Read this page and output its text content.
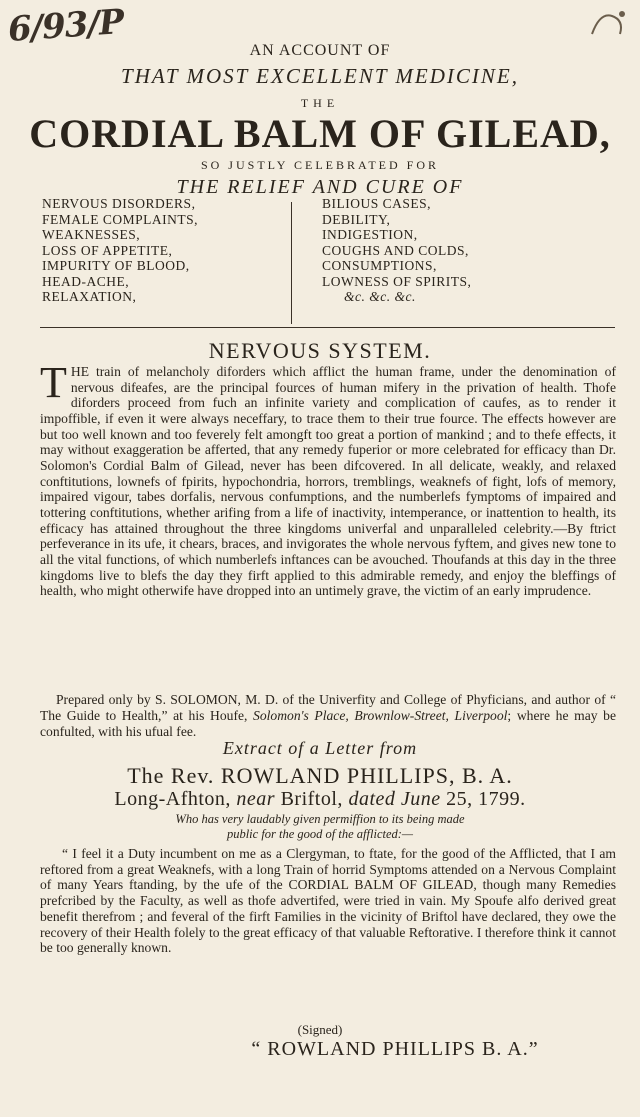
6/93/P
AN ACCOUNT OF
THAT MOST EXCELLENT MEDICINE,
THE
CORDIAL BALM OF GILEAD,
SO JUSTLY CELEBRATED FOR
THE RELIEF AND CURE OF
NERVOUS DISORDERS,
FEMALE COMPLAINTS,
WEAKNESSES,
LOSS OF APPETITE,
IMPURITY OF BLOOD,
HEAD-ACHE,
RELAXATION,
BILIOUS CASES,
DEBILITY,
INDIGESTION,
COUGHS AND COLDS,
CONSUMPTIONS,
LOWNESS OF SPIRITS,
&c. &c. &c.
NERVOUS SYSTEM.

THE train of melancholy diforders which afflict the human frame, under the denomination of nervous difeafes, are the principal fources of human mifery in the privation of health. Thofe diforders proceed from fuch an infinite variety and complication of caufes, as to render it impoffible, if even it were always neceffary, to trace them to their true fource. The effects however are but too well known and too feverely felt amongft too great a portion of mankind ; and to thefe effects, it may without exaggeration be afferted, that any remedy fuperior or more celebrated for efficacy than Dr. Solomon's Cordial Balm of Gilead, never has been difcovered. In all delicate, weakly, and relaxed conftitutions, lownefs of fpirits, hypochondria, horrors, tremblings, weaknefs of fight, lofs of memory, impaired vigour, tabes dorfalis, nervous confumptions, and the numberlefs fymptoms of impaired and tottering conftitutions, whether arifing from a life of inactivity, intemperance, or inattention to health, its efficacy has attained throughout the three kingdoms univerfal and unparalleled celebrity.—By ftrict perfeverance in its ufe, it chears, braces, and invigorates the whole nervous fyftem, and gives new tone to all the vital functions, of which numberlefs inftances can be avouched. Thoufands at this day in the three kingdoms live to blefs the day they firft applied to this admirable remedy, and enjoy the bleffings of health, who might otherwife have dropped into an untimely grave, the victim of an early imprudence.

Prepared only by S. SOLOMON, M. D. of the Univerfity and College of Phyficians, and author of “ The Guide to Health,” at his Houfe, Solomon's Place, Brownlow-Street, Liverpool; where he may be confulted, with his ufual fee.
Extract of a Letter from
The Rev. ROWLAND PHILLIPS, B. A.
Long-Afhton, near Briftol, dated June 25, 1799.
Who has very laudably given permiffion to its being made
public for the good of the afflicted:—
“ I feel it a Duty incumbent on me as a Clergyman, to ftate, for the good of the Afflicted, that I am reftored from a great Weaknefs, with a long Train of horrid Symptoms attended on a Nervous Complaint of many Years ftanding, by the ufe of the CORDIAL BALM OF GILEAD, though many Remedies prefcribed by the Faculty, as well as thofe advertifed, were tried in vain. My Spoufe alfo derived great benefit therefrom ; and feveral of the firft Families in the vicinity of Briftol have declared, they owe the recovery of their Health folely to the great efficacy of that valuable Reftorative. I therefore think it cannot be too generally known.
(Signed)
“ ROWLAND PHILLIPS B. A.”
